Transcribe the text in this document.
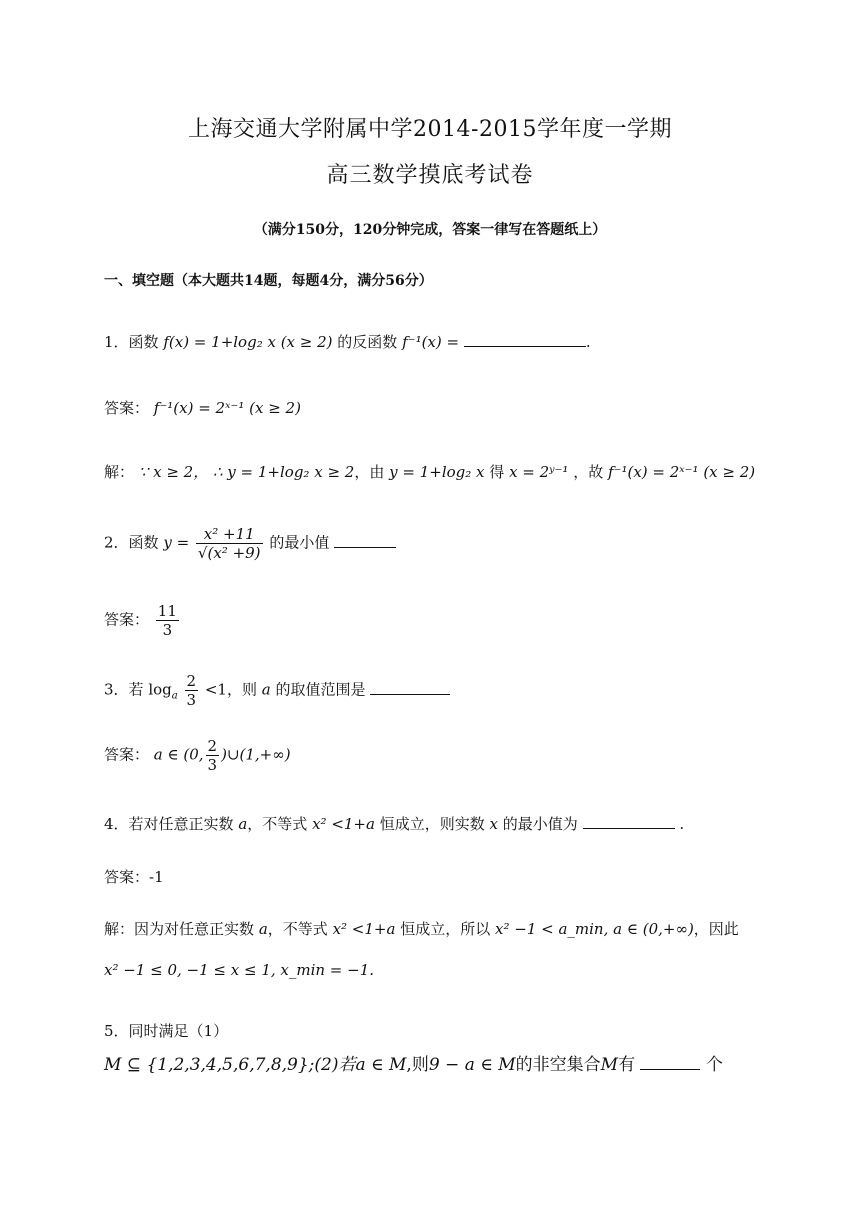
上海交通大学附属中学2014-2015学年度一学期
高三数学摸底考试卷
（满分150分，120分钟完成，答案一律写在答题纸上）
一、填空题（本大题共14题，每题4分，满分56分）
1．函数 f(x) = 1+log₂ x (x ≥ 2) 的反函数 f⁻¹(x) =	.
答案： f⁻¹(x) = 2ˣ⁻¹ (x ≥ 2)
解： ∵ x ≥ 2， ∴ y = 1+log₂ x ≥ 2，由 y = 1+log₂ x 得 x = 2ʸ⁻¹ ，故 f⁻¹(x) = 2ˣ⁻¹ (x ≥ 2)
2．函数 $y = \frac{\text{x² +11}}{\text{√(x² +9)}}$ 的最小值
答案： $\frac{11}{3}$
3．若 $\log_a \frac{2}{3} <1$，则 a 的取值范围是
答案： a ∈ (0, $\frac{2}{3}$ )∪(1,+∞)
4．若对任意正实数 a，不等式 x² <1+a 恒成立，则实数 x 的最小值为	.
答案：-1
解：因为对任意正实数 a，不等式 x² <1+a 恒成立，所以 x² −1 < a_min, a ∈ (0,+∞)，因此
x² −1 ≤ 0, −1 ≤ x ≤ 1, x_min = −1.
5．同时满足（1）
M ⊆ {1,2,3,4,5,6,7,8,9};(2)若a ∈ M,则9 − a ∈ M的非空集合M有	个
